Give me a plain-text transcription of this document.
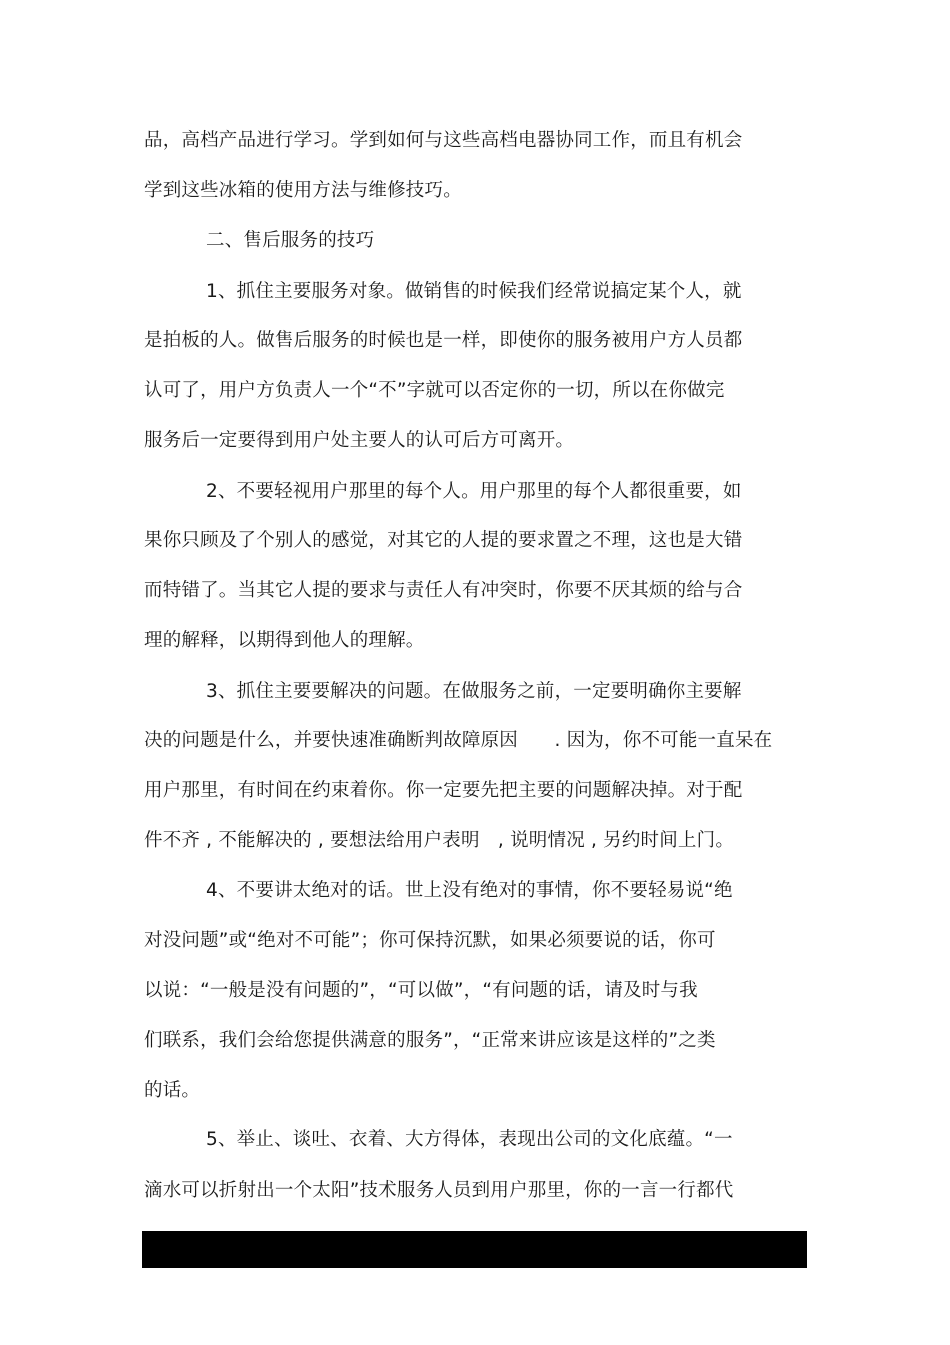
品，高档产品进行学习。学到如何与这些高档电器协同工作，而且有机会
学到这些冰箱的使用方法与维修技巧。
二、售后服务的技巧
1、抓住主要服务对象。做销售的时候我们经常说搞定某个人，就
是拍板的人。做售后服务的时候也是一样，即使你的服务被用户方人员都
认可了，用户方负责人一个“不”字就可以否定你的一切，所以在你做完
服务后一定要得到用户处主要人的认可后方可离开。
2、不要轻视用户那里的每个人。用户那里的每个人都很重要，如
果你只顾及了个别人的感觉，对其它的人提的要求置之不理，这也是大错
而特错了。当其它人提的要求与责任人有冲突时，你要不厌其烦的给与合
理的解释，以期得到他人的理解。
3、抓住主要要解决的问题。在做服务之前，一定要明确你主要解
决的问题是什么，并要快速准确断判故障原因      . 因为，你不可能一直呆在
用户那里，有时间在约束着你。你一定要先把主要的问题解决掉。对于配
件不齐 , 不能解决的 , 要想法给用户表明   , 说明情况 , 另约时间上门。
4、不要讲太绝对的话。世上没有绝对的事情，你不要轻易说“绝
对没问题”或“绝对不可能”；你可保持沉默，如果必须要说的话，你可
以说：“一般是没有问题的”，“可以做”，“有问题的话，请及时与我
们联系，我们会给您提供满意的服务”，“正常来讲应该是这样的”之类
的话。
5、举止、谈吐、衣着、大方得体，表现出公司的文化底蕴。“一
滴水可以折射出一个太阳”技术服务人员到用户那里，你的一言一行都代
